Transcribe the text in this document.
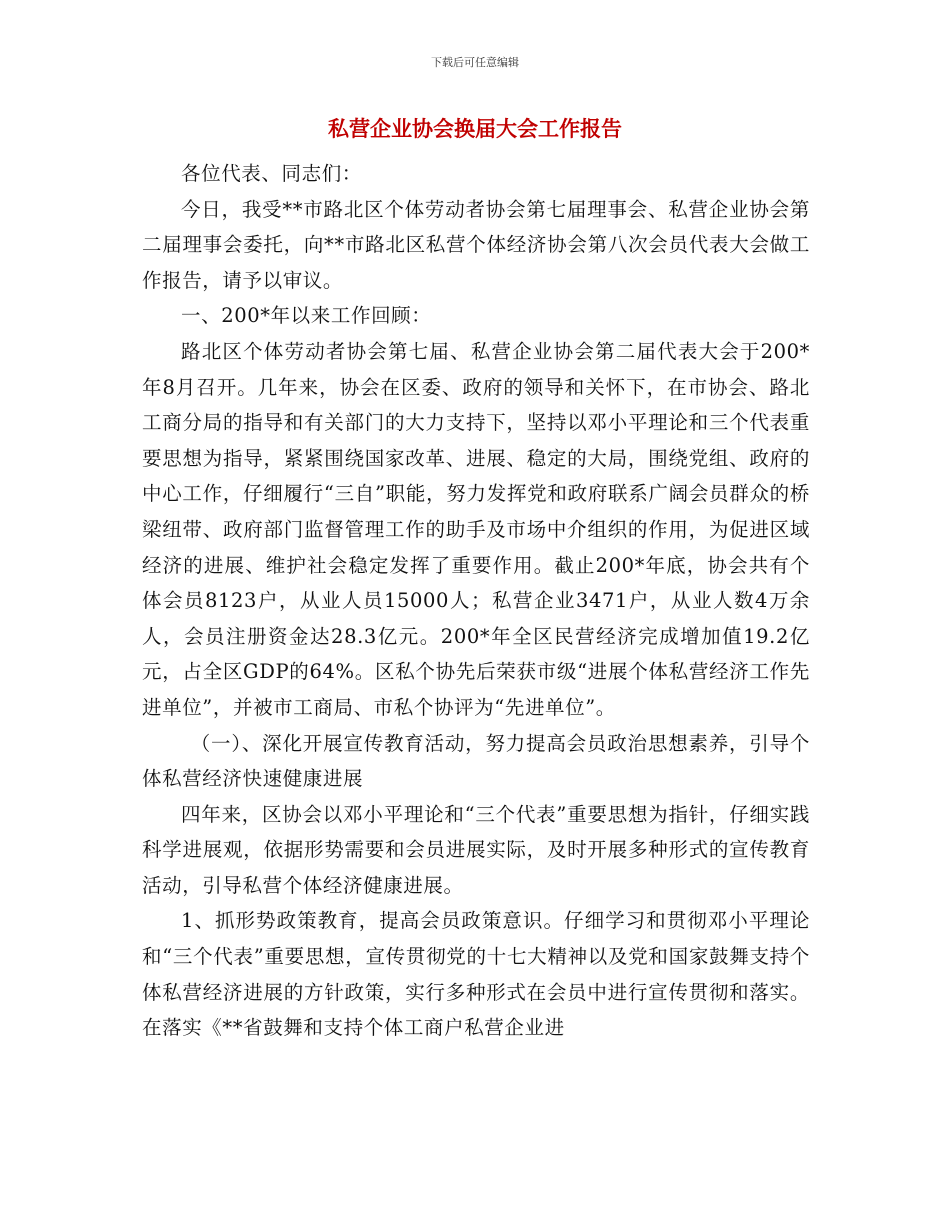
下载后可任意编辑
私营企业协会换届大会工作报告

各位代表、同志们：

今日，我受**市路北区个体劳动者协会第七届理事会、私营企业协会第二届理事会委托，向**市路北区私营个体经济协会第八次会员代表大会做工作报告，请予以审议。

一、200*年以来工作回顾：

路北区个体劳动者协会第七届、私营企业协会第二届代表大会于200*年8月召开。几年来，协会在区委、政府的领导和关怀下，在市协会、路北工商分局的指导和有关部门的大力支持下，坚持以邓小平理论和三个代表重要思想为指导，紧紧围绕国家改革、进展、稳定的大局，围绕党组、政府的中心工作，仔细履行“三自”职能，努力发挥党和政府联系广阔会员群众的桥梁纽带、政府部门监督管理工作的助手及市场中介组织的作用，为促进区域经济的进展、维护社会稳定发挥了重要作用。截止200*年底，协会共有个体会员8123户，从业人员15000人；私营企业3471户，从业人数4万余人，会员注册资金达28.3亿元。200*年全区民营经济完成增加值19.2亿元，占全区GDP的64%。区私个协先后荣获市级“进展个体私营经济工作先进单位”，并被市工商局、市私个协评为“先进单位”。

（一）、深化开展宣传教育活动，努力提高会员政治思想素养，引导个体私营经济快速健康进展

四年来，区协会以邓小平理论和“三个代表”重要思想为指针，仔细实践科学进展观，依据形势需要和会员进展实际，及时开展多种形式的宣传教育活动，引导私营个体经济健康进展。

1、抓形势政策教育，提高会员政策意识。仔细学习和贯彻邓小平理论和“三个代表”重要思想，宣传贯彻党的十七大精神以及党和国家鼓舞支持个体私营经济进展的方针政策，实行多种形式在会员中进行宣传贯彻和落实。在落实《**省鼓舞和支持个体工商户私营企业进
